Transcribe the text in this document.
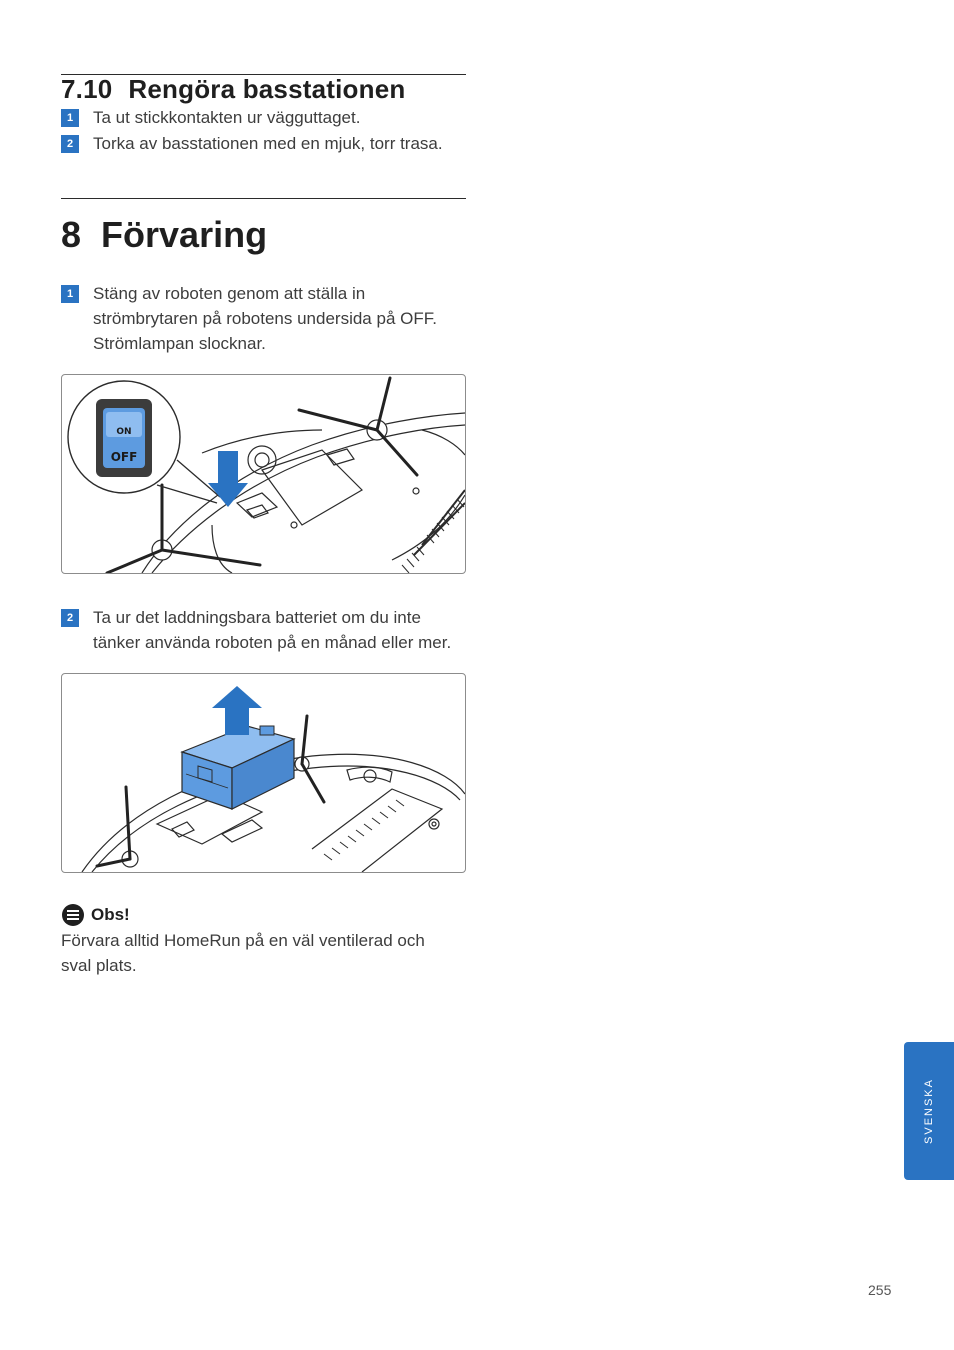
7.10 Rengöra basstationen
1	Ta ut stickkontakten ur vägguttaget.
2	Torka av basstationen med en mjuk, torr trasa.
8 Förvaring
1	Stäng av roboten genom att ställa in
strömbrytaren på robotens undersida på OFF.
Strömlampan slocknar.
ON
OFF
2	Ta ur det laddningsbara batteriet om du inte
tänker använda roboten på en månad eller mer.
Obs!
Förvara alltid HomeRun på en väl ventilerad och
sval plats.
SVENSKA
255
